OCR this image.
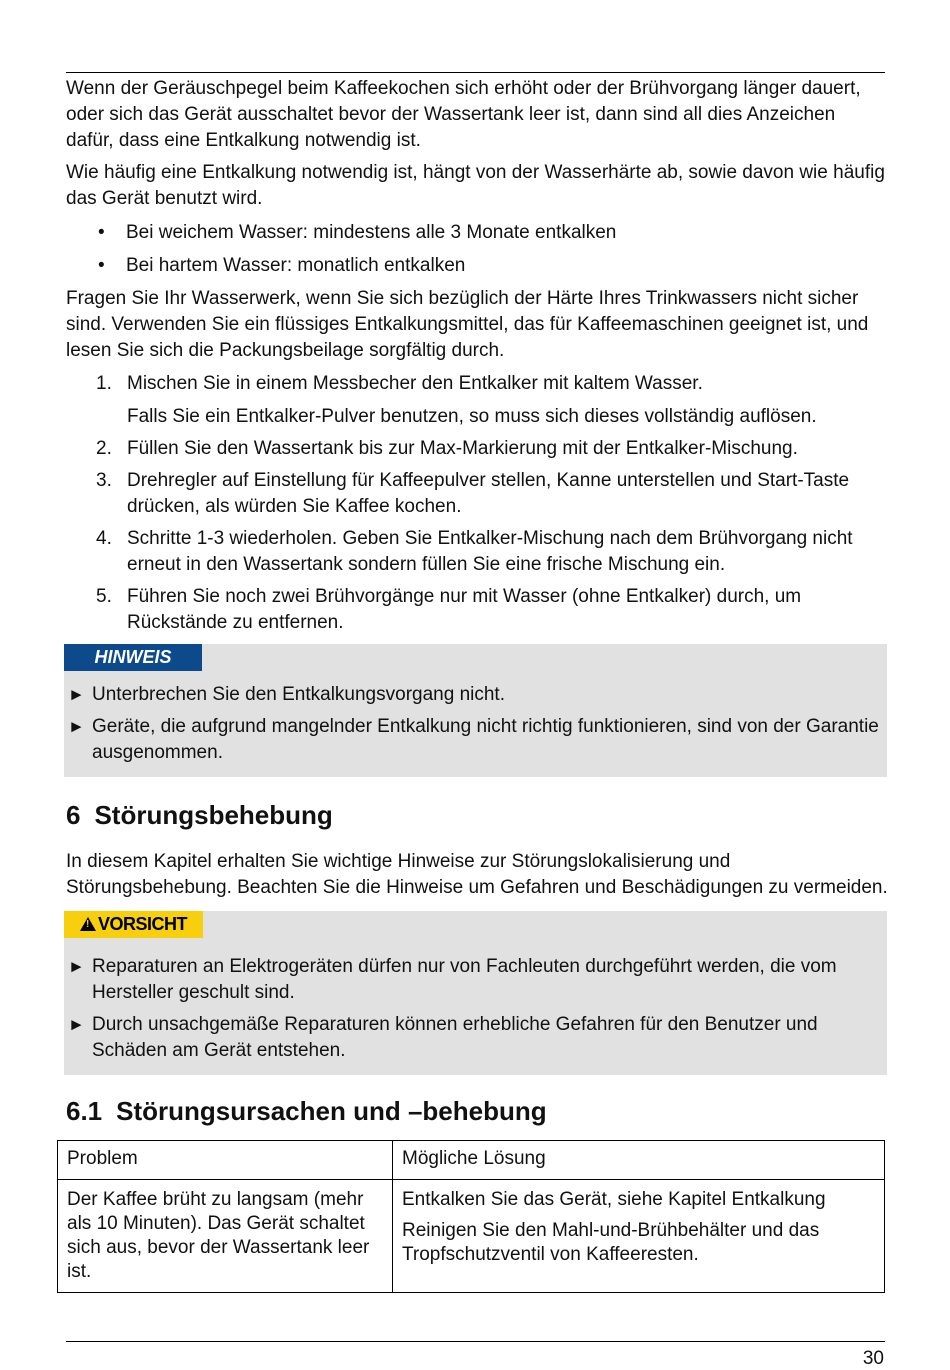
Wenn der Geräuschpegel beim Kaffeekochen sich erhöht oder der Brühvorgang länger dauert, oder sich das Gerät ausschaltet bevor der Wassertank leer ist, dann sind all dies Anzeichen dafür, dass eine Entkalkung notwendig ist.

Wie häufig eine Entkalkung notwendig ist, hängt von der Wasserhärte ab, sowie davon wie häufig das Gerät benutzt wird.

• Bei weichem Wasser: mindestens alle 3 Monate entkalken
• Bei hartem Wasser: monatlich entkalken

Fragen Sie Ihr Wasserwerk, wenn Sie sich bezüglich der Härte Ihres Trinkwassers nicht sicher sind. Verwenden Sie ein flüssiges Entkalkungsmittel, das für Kaffeemaschinen geeignet ist, und lesen Sie sich die Packungsbeilage sorgfältig durch.

1. Mischen Sie in einem Messbecher den Entkalker mit kaltem Wasser.
Falls Sie ein Entkalker-Pulver benutzen, so muss sich dieses vollständig auflösen.
2. Füllen Sie den Wassertank bis zur Max-Markierung mit der Entkalker-Mischung.
3. Drehregler auf Einstellung für Kaffeepulver stellen, Kanne unterstellen und Start-Taste drücken, als würden Sie Kaffee kochen.
4. Schritte 1-3 wiederholen. Geben Sie Entkalker-Mischung nach dem Brühvorgang nicht erneut in den Wassertank sondern füllen Sie eine frische Mischung ein.
5. Führen Sie noch zwei Brühvorgänge nur mit Wasser (ohne Entkalker) durch, um Rückstände zu entfernen.
HINWEIS
► Unterbrechen Sie den Entkalkungsvorgang nicht.
► Geräte, die aufgrund mangelnder Entkalkung nicht richtig funktionieren, sind von der Garantie ausgenommen.
6 Störungsbehebung

In diesem Kapitel erhalten Sie wichtige Hinweise zur Störungslokalisierung und Störungsbehebung. Beachten Sie die Hinweise um Gefahren und Beschädigungen zu vermeiden.

!VORSICHT
► Reparaturen an Elektrogeräten dürfen nur von Fachleuten durchgeführt werden, die vom Hersteller geschult sind.
► Durch unsachgemäße Reparaturen können erhebliche Gefahren für den Benutzer und Schäden am Gerät entstehen.
6.1 Störungsursachen und –behebung
Problem	Mögliche Lösung
Der Kaffee brüht zu langsam (mehr als 10 Minuten). Das Gerät schaltet sich aus, bevor der Wassertank leer ist.	Entkalken Sie das Gerät, siehe Kapitel Entkalkung
Reinigen Sie den Mahl-und-Brühbehälter und das Tropfschutzventil von Kaffeeresten.
30
